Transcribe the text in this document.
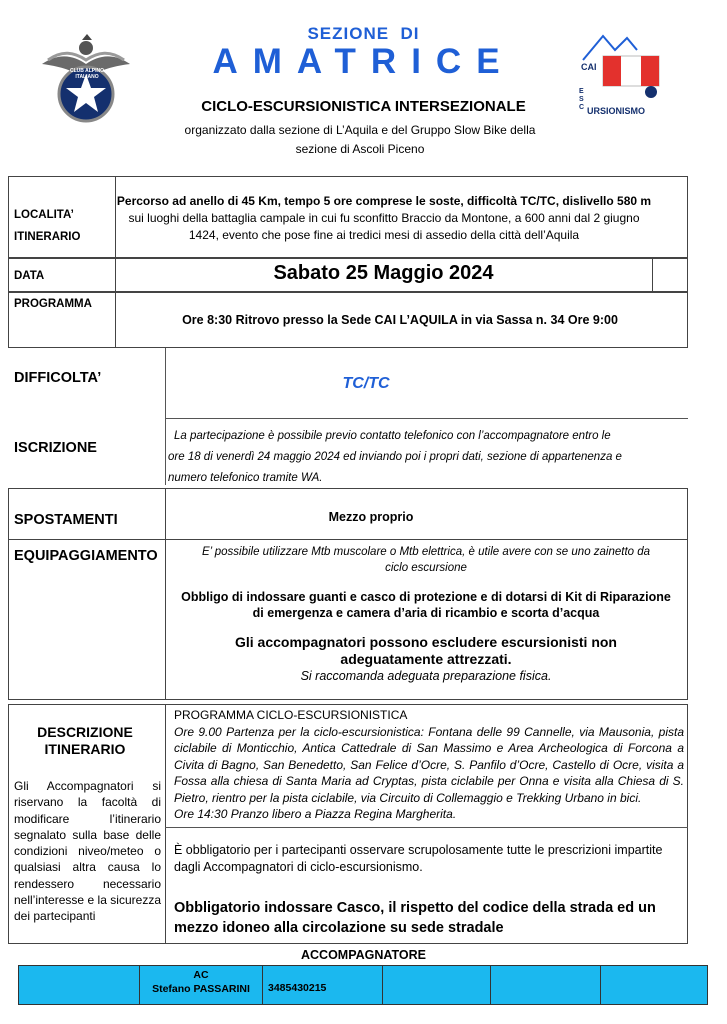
CLUB ALPINO ITALIANO
CAI
ESC URSIONISMO
SEZIONE  DI
AMATRICE
CICLO-ESCURSIONISTICA INTERSEZIONALE
organizzato dalla sezione di L’Aquila e del Gruppo Slow Bike della
sezione di Ascoli Piceno
LOCALITA’
ITINERARIO
Percorso ad anello di 45 Km, tempo 5 ore comprese le soste, difficoltà TC/TC, dislivello 580 m
sui luoghi della battaglia campale in cui fu sconfitto Braccio da Montone, a 600 anni dal 2 giugno
1424, evento che pose fine ai tredici mesi di assedio della città dell’Aquila
DATA	Sabato 25 Maggio 2024
PROGRAMMA
Ore 8:30 Ritrovo presso la Sede CAI L’AQUILA in via Sassa n. 34 Ore 9:00
DIFFICOLTA’	TC/TC
ISCRIZIONE
La partecipazione è possibile previo contatto telefonico con l’accompagnatore entro le
ore 18 di venerdì 24 maggio 2024 ed inviando poi i propri dati, sezione di appartenenza e
numero telefonico tramite WA.
SPOSTAMENTI	Mezzo proprio
EQUIPAGGIAMENTO	E’ possibile utilizzare Mtb muscolare o Mtb elettrica, è utile avere con se uno zainetto da
ciclo escursione
Obbligo di indossare guanti e casco di protezione e di dotarsi di Kit di Riparazione
di emergenza e camera d’aria di ricambio e scorta d’acqua
Gli accompagnatori possono escludere escursionisti non
adeguatamente attrezzati.
Si raccomanda adeguata preparazione fisica.
DESCRIZIONE
ITINERARIO
Gli Accompagnatori si riservano la facoltà di modificare l’itinerario segnalato sulla base delle condizioni niveo/meteo o qualsiasi altra causa lo rendessero necessario nell’interesse e la sicurezza dei partecipanti
PROGRAMMA CICLO-ESCURSIONISTICA
Ore 9.00 Partenza per la ciclo-escursionistica: Fontana delle 99 Cannelle, via Mausonia, pista ciclabile di Monticchio, Antica Cattedrale di San Massimo e Area Archeologica di Forcona a Civita di Bagno, San Benedetto, San Felice d’Ocre, S. Panfilo d’Ocre, Castello di Ocre, visita a Fossa alla chiesa di Santa Maria ad Cryptas, pista ciclabile per Onna e visita alla Chiesa di S. Pietro, rientro per la pista ciclabile, via Circuito di Collemaggio e Trekking Urbano in bici.
Ore 14:30 Pranzo libero a Piazza Regina Margherita.
È obbligatorio per i partecipanti osservare scrupolosamente tutte le prescrizioni impartite dagli Accompagnatori di ciclo-escursionismo.
Obbligatorio indossare Casco, il rispetto del codice della strada ed un mezzo idoneo alla circolazione su sede stradale
ACCOMPAGNATORE
AC
Stefano PASSARINI	3485430215
